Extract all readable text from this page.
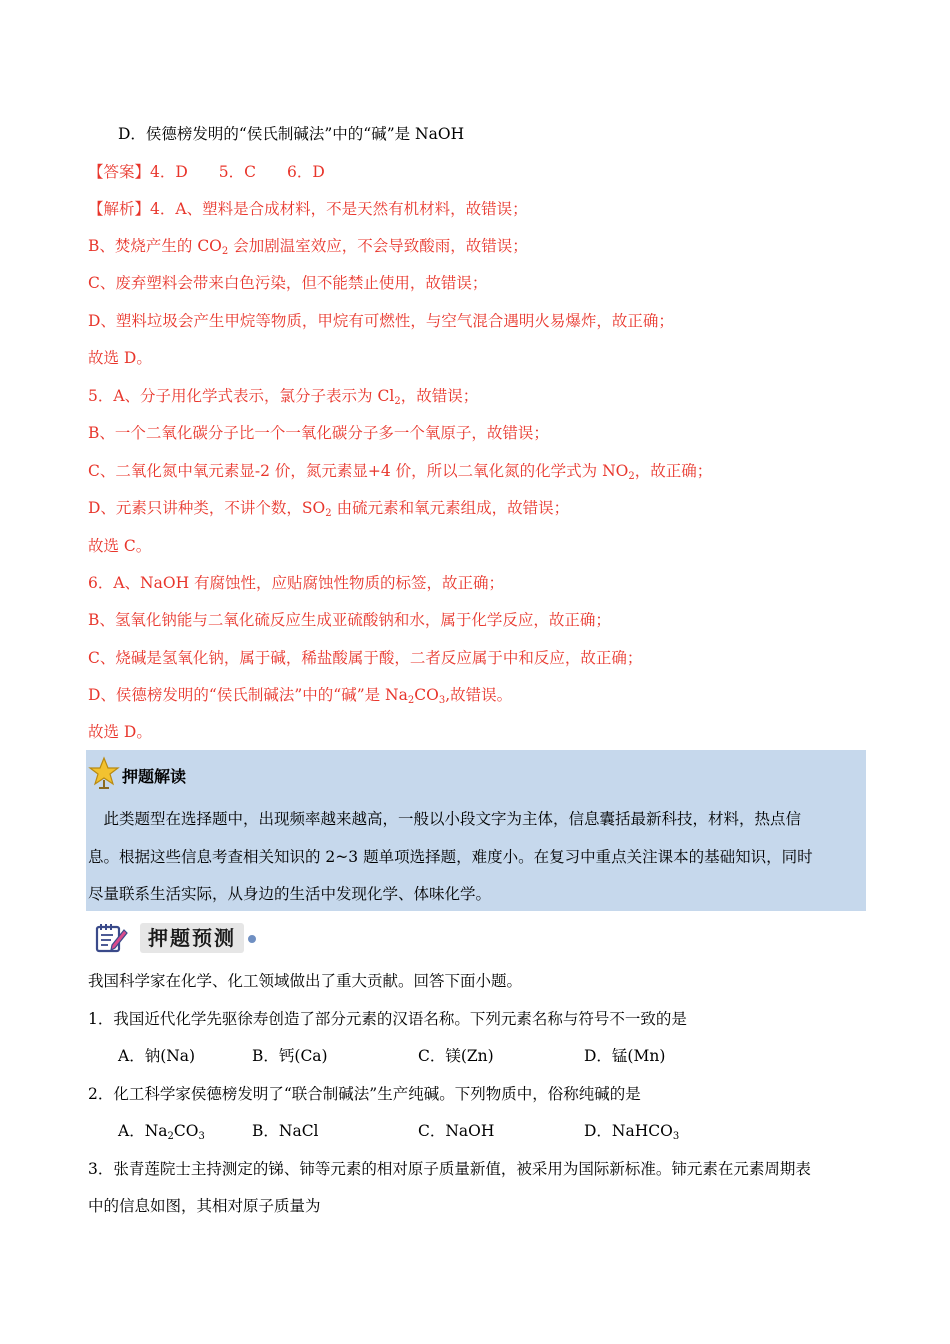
D．侯德榜发明的“侯氏制碱法”中的“碱”是 NaOH
【答案】4．D　　5．C　　6．D
【解析】4．A、塑料是合成材料，不是天然有机材料，故错误；
B、焚烧产生的 $CO_2$ 会加剧温室效应，不会导致酸雨，故错误；
C、废弃塑料会带来白色污染，但不能禁止使用，故错误；
D、塑料垃圾会产生甲烷等物质，甲烷有可燃性，与空气混合遇明火易爆炸，故正确；
故选 D。
5．A、分子用化学式表示，氯分子表示为 $Cl_2$，故错误；
B、一个二氧化碳分子比一个一氧化碳分子多一个氧原子，故错误；
C、二氧化氮中氧元素显-2 价，氮元素显+4 价，所以二氧化氮的化学式为 $NO_2$，故正确；
D、元素只讲种类，不讲个数，$SO_2$ 由硫元素和氧元素组成，故错误；
故选 C。
6．A、NaOH 有腐蚀性，应贴腐蚀性物质的标签，故正确；
B、氢氧化钠能与二氧化硫反应生成亚硫酸钠和水，属于化学反应，故正确；
C、烧碱是氢氧化钠，属于碱，稀盐酸属于酸，二者反应属于中和反应，故正确；
D、侯德榜发明的“侯氏制碱法”中的“碱”是 $Na_2CO_3$,故错误。
故选 D。
押题解读
　此类题型在选择题中，出现频率越来越高，一般以小段文字为主体，信息囊括最新科技，材料，热点信
息。根据这些信息考查相关知识的 2~3 题单项选择题，难度小。在复习中重点关注课本的基础知识，同时
尽量联系生活实际，从身边的生活中发现化学、体味化学。
押题预测
我国科学家在化学、化工领域做出了重大贡献。回答下面小题。
1．我国近代化学先驱徐寿创造了部分元素的汉语名称。下列元素名称与符号不一致的是
A．钠(Na)	B．钙(Ca)	C．镁(Zn)	D．锰(Mn)
2．化工科学家侯德榜发明了“联合制碱法”生产纯碱。下列物质中，俗称纯碱的是
A．$Na_2CO_3$	B．NaCl	C．NaOH	D．NaHCO$_3$
3．张青莲院士主持测定的锑、铈等元素的相对原子质量新值，被采用为国际新标准。铈元素在元素周期表
中的信息如图，其相对原子质量为
